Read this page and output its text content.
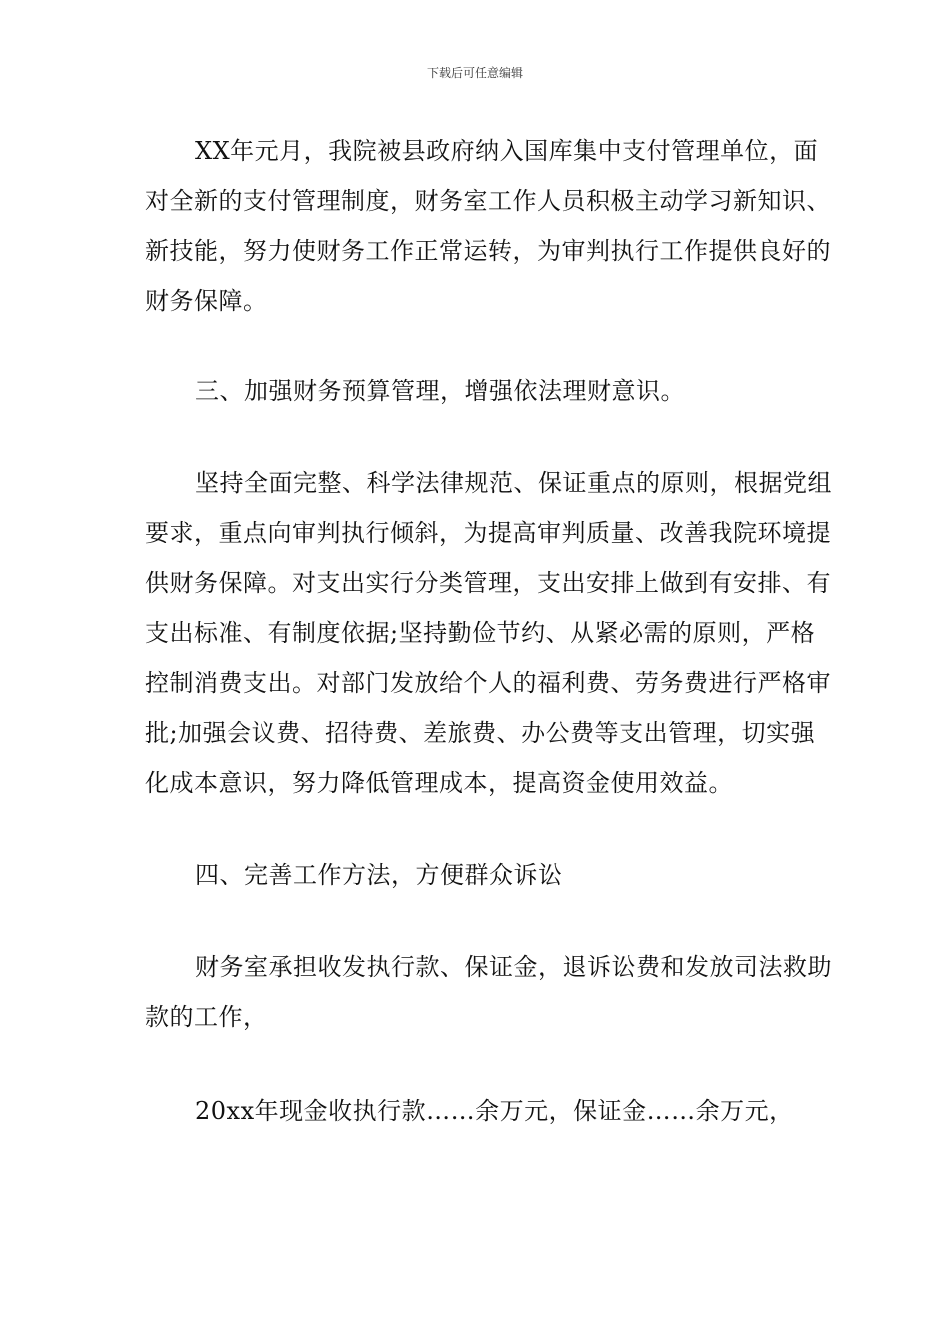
下载后可任意编辑

XX年元月，我院被县政府纳入国库集中支付管理单位，面对全新的支付管理制度，财务室工作人员积极主动学习新知识、新技能，努力使财务工作正常运转，为审判执行工作提供良好的财务保障。

三、加强财务预算管理，增强依法理财意识。

坚持全面完整、科学法律规范、保证重点的原则，根据党组要求，重点向审判执行倾斜，为提高审判质量、改善我院环境提供财务保障。对支出实行分类管理，支出安排上做到有安排、有支出标准、有制度依据;坚持勤俭节约、从紧必需的原则，严格控制消费支出。对部门发放给个人的福利费、劳务费进行严格审批;加强会议费、招待费、差旅费、办公费等支出管理，切实强化成本意识，努力降低管理成本，提高资金使用效益。

四、完善工作方法，方便群众诉讼

财务室承担收发执行款、保证金，退诉讼费和发放司法救助款的工作，

20xx年现金收执行款……余万元，保证金……余万元，
